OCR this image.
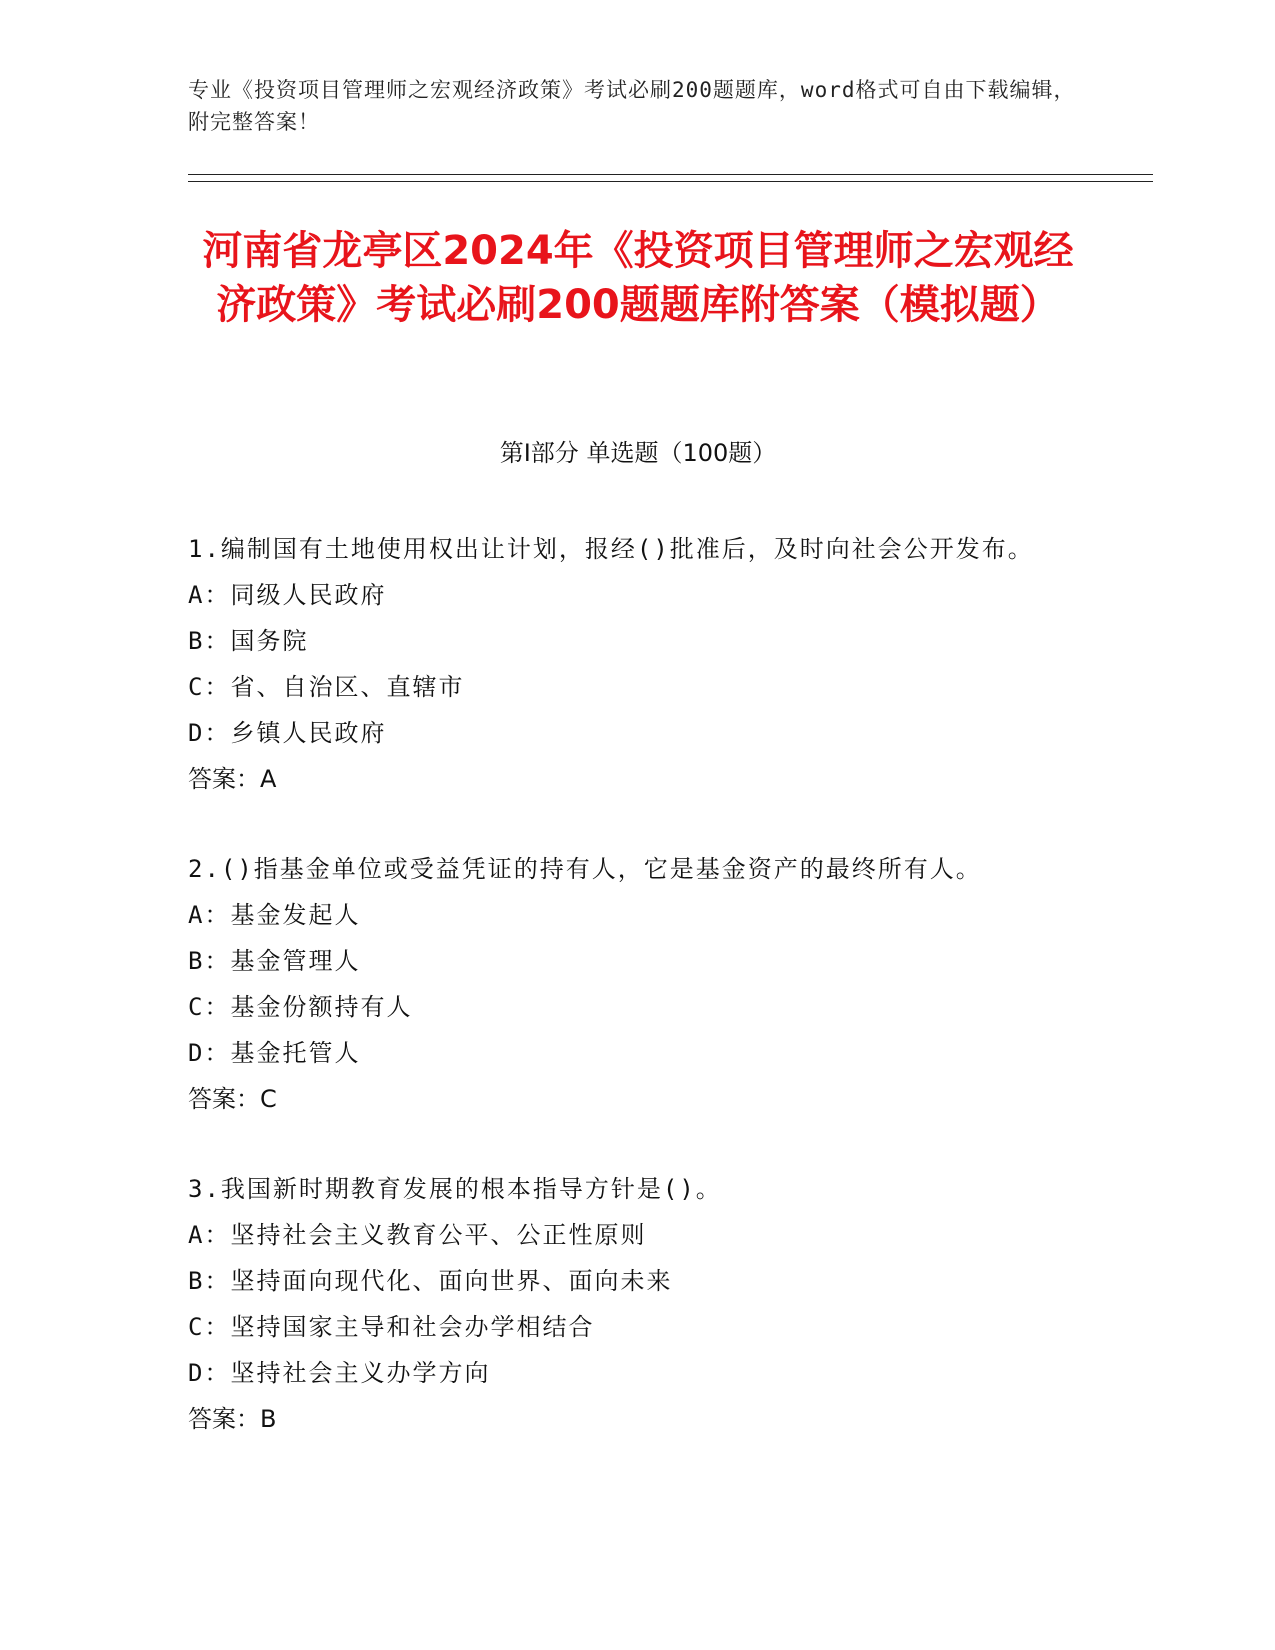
专业《投资项目管理师之宏观经济政策》考试必刷200题题库，word格式可自由下载编辑，附完整答案！
河南省龙亭区2024年《投资项目管理师之宏观经济政策》考试必刷200题题库附答案（模拟题）
第Ⅰ部分 单选题（100题）
1.编制国有土地使用权出让计划，报经()批准后，及时向社会公开发布。
A：同级人民政府
B：国务院
C：省、自治区、直辖市
D：乡镇人民政府
答案：A
2.()指基金单位或受益凭证的持有人，它是基金资产的最终所有人。
A：基金发起人
B：基金管理人
C：基金份额持有人
D：基金托管人
答案：C
3.我国新时期教育发展的根本指导方针是()。
A：坚持社会主义教育公平、公正性原则
B：坚持面向现代化、面向世界、面向未来
C：坚持国家主导和社会办学相结合
D：坚持社会主义办学方向
答案：B
